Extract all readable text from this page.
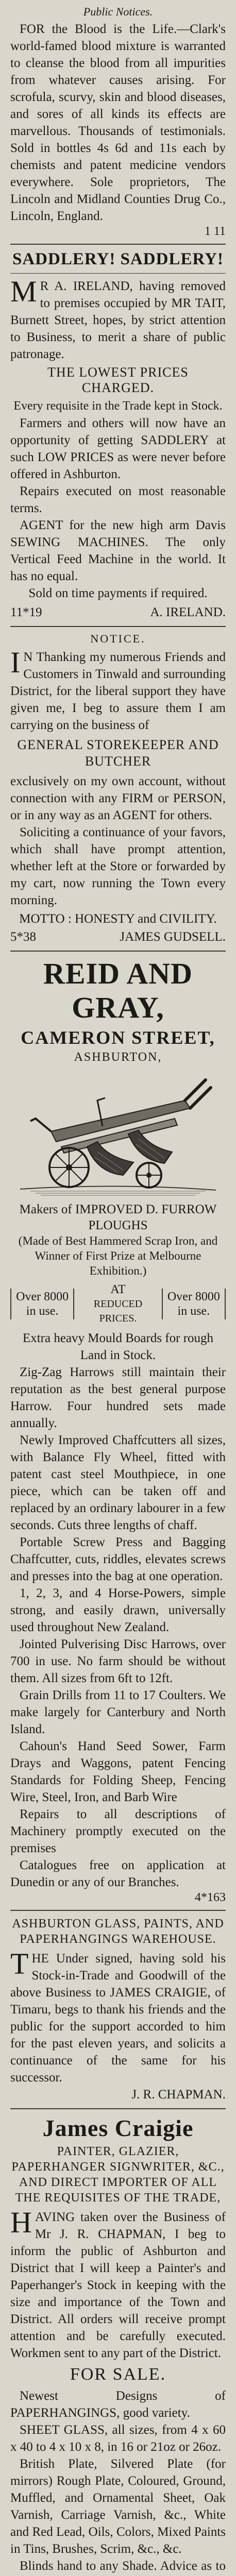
Public Notices.

FOR the Blood is the Life.—Clark's world-famed blood mixture is warranted to cleanse the blood from all impurities from whatever causes arising. For scrofula, scurvy, skin and blood diseases, and sores of all kinds its effects are marvellous. Thousands of testimonials. Sold in bottles 4s 6d and 11s each by chemists and patent medicine vendors everywhere. Sole proprietors, The Lincoln and Midland Counties Drug Co., Lincoln, England.

1 11

SADDLERY! SADDLERY!

MR A. IRELAND, having removed to premises occupied by MR TAIT, Burnett Street, hopes, by strict attention to Business, to merit a share of public patronage.

THE LOWEST PRICES CHARGED.

Every requisite in the Trade kept in Stock.

Farmers and others will now have an opportunity of getting SADDLERY at such LOW PRICES as were never before offered in Ashburton.

Repairs executed on most reasonable terms.

AGENT for the new high arm Davis SEWING MACHINES. The only Vertical Feed Machine in the world. It has no equal.

Sold on time payments if required.

11*19	A. IRELAND.

NOTICE.

IN Thanking my numerous Friends and Customers in Tinwald and surrounding District, for the liberal support they have given me, I beg to assure them I am carrying on the business of

GENERAL STOREKEEPER AND BUTCHER

exclusively on my own account, without connection with any FIRM or PERSON, or in any way as an AGENT for others.

Soliciting a continuance of your favors, which shall have prompt attention, whether left at the Store or forwarded by my cart, now running the Town every morning.

MOTTO : HONESTY and CIVILITY.

5*38	JAMES GUDSELL.

REID AND GRAY,

CAMERON STREET,

ASHBURTON,

Makers of IMPROVED D. FURROW PLOUGHS

(Made of Best Hammered Scrap Iron, and Winner of First Prize at Melbourne Exhibition.)

Over 8000 in use.
AT
REDUCED PRICES.
Over 8000 in use.

Extra heavy Mould Boards for rough Land in Stock.

Zig-Zag Harrows still maintain their reputation as the best general purpose Harrow. Four hundred sets made annually.

Newly Improved Chaffcutters all sizes, with Balance Fly Wheel, fitted with patent cast steel Mouthpiece, in one piece, which can be taken off and replaced by an ordinary labourer in a few seconds. Cuts three lengths of chaff.

Portable Screw Press and Bagging Chaffcutter, cuts, riddles, elevates screws and presses into the bag at one operation.

1, 2, 3, and 4 Horse-Powers, simple strong, and easily drawn, universally used throughout New Zealand.

Jointed Pulverising Disc Harrows, over 700 in use. No farm should be without them. All sizes from 6ft to 12ft.

Grain Drills from 11 to 17 Coulters. We make largely for Canterbury and North Island.

Cahoun's Hand Seed Sower, Farm Drays and Waggons, patent Fencing Standards for Folding Sheep, Fencing Wire, Steel, Iron, and Barb Wire

Repairs to all descriptions of Machinery promptly executed on the premises

Catalogues free on application at Dunedin or any of our Branches.

4*163

ASHBURTON GLASS, PAINTS, AND PAPERHANGINGS WAREHOUSE.

THE Under signed, having sold his Stock-in-Trade and Goodwill of the above Business to JAMES CRAIGIE, of Timaru, begs to thank his friends and the public for the support accorded to him for the past eleven years, and solicits a continuance of the same for his successor.

J. R. CHAPMAN.

James Craigie

PAINTER, GLAZIER, PAPERHANGER SIGNWRITER, &C., AND DIRECT IMPORTER OF ALL THE REQUISITES OF THE TRADE,

HAVING taken over the Business of Mr J. R. CHAPMAN, I beg to inform the public of Ashburton and District that I will keep a Painter's and Paperhanger's Stock in keeping with the size and importance of the Town and District. All orders will receive prompt attention and be carefully executed. Workmen sent to any part of the District.

FOR SALE.

Newest Designs of PAPERHANGINGS, good variety.

SHEET GLASS, all sizes, from 4 x 60 x 40 to 4 x 10 x 8, in 16 or 21oz or 26oz.

British Plate, Silvered Plate (for mirrors) Rough Plate, Coloured, Ground, Muffled, and Ornamental Sheet, Oak Varnish, Carriage Varnish, &c., White and Red Lead, Oils, Colors, Mixed Paints in Tins, Brushes, Scrim, &c., &c.

Blinds hand to any Shade. Advice as to
